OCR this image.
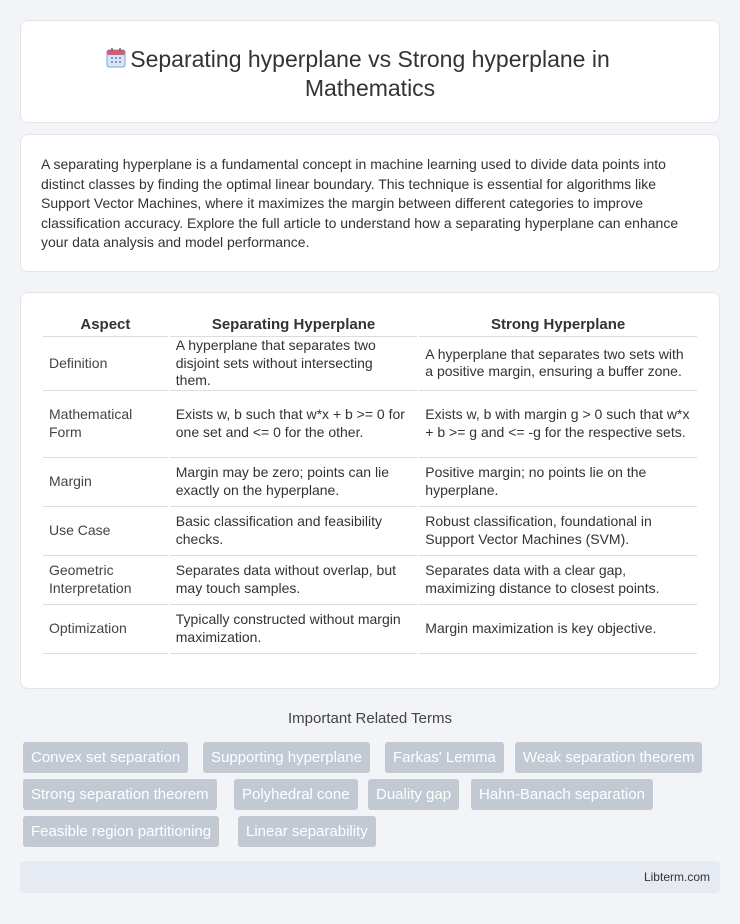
Separating hyperplane vs Strong hyperplane in Mathematics

A separating hyperplane is a fundamental concept in machine learning used to divide data points into distinct classes by finding the optimal linear boundary. This technique is essential for algorithms like Support Vector Machines, where it maximizes the margin between different categories to improve classification accuracy. Explore the full article to understand how a separating hyperplane can enhance your data analysis and model performance.

Aspect	Separating Hyperplane	Strong Hyperplane
Definition	A hyperplane that separates two disjoint sets without intersecting them.	A hyperplane that separates two sets with a positive margin, ensuring a buffer zone.
Mathematical Form	Exists w, b such that w*x + b >= 0 for one set and <= 0 for the other.	Exists w, b with margin g > 0 such that w*x + b >= g and <= -g for the respective sets.
Margin	Margin may be zero; points can lie exactly on the hyperplane.	Positive margin; no points lie on the hyperplane.
Use Case	Basic classification and feasibility checks.	Robust classification, foundational in Support Vector Machines (SVM).
Geometric Interpretation	Separates data without overlap, but may touch samples.	Separates data with a clear gap, maximizing distance to closest points.
Optimization	Typically constructed without margin maximization.	Margin maximization is key objective.
Important Related Terms
Convex set separation	Supporting hyperplane	Farkas' Lemma	Weak separation theorem
Strong separation theorem	Polyhedral cone	Duality gap	Hahn-Banach separation
Feasible region partitioning	Linear separability
Libterm.com
